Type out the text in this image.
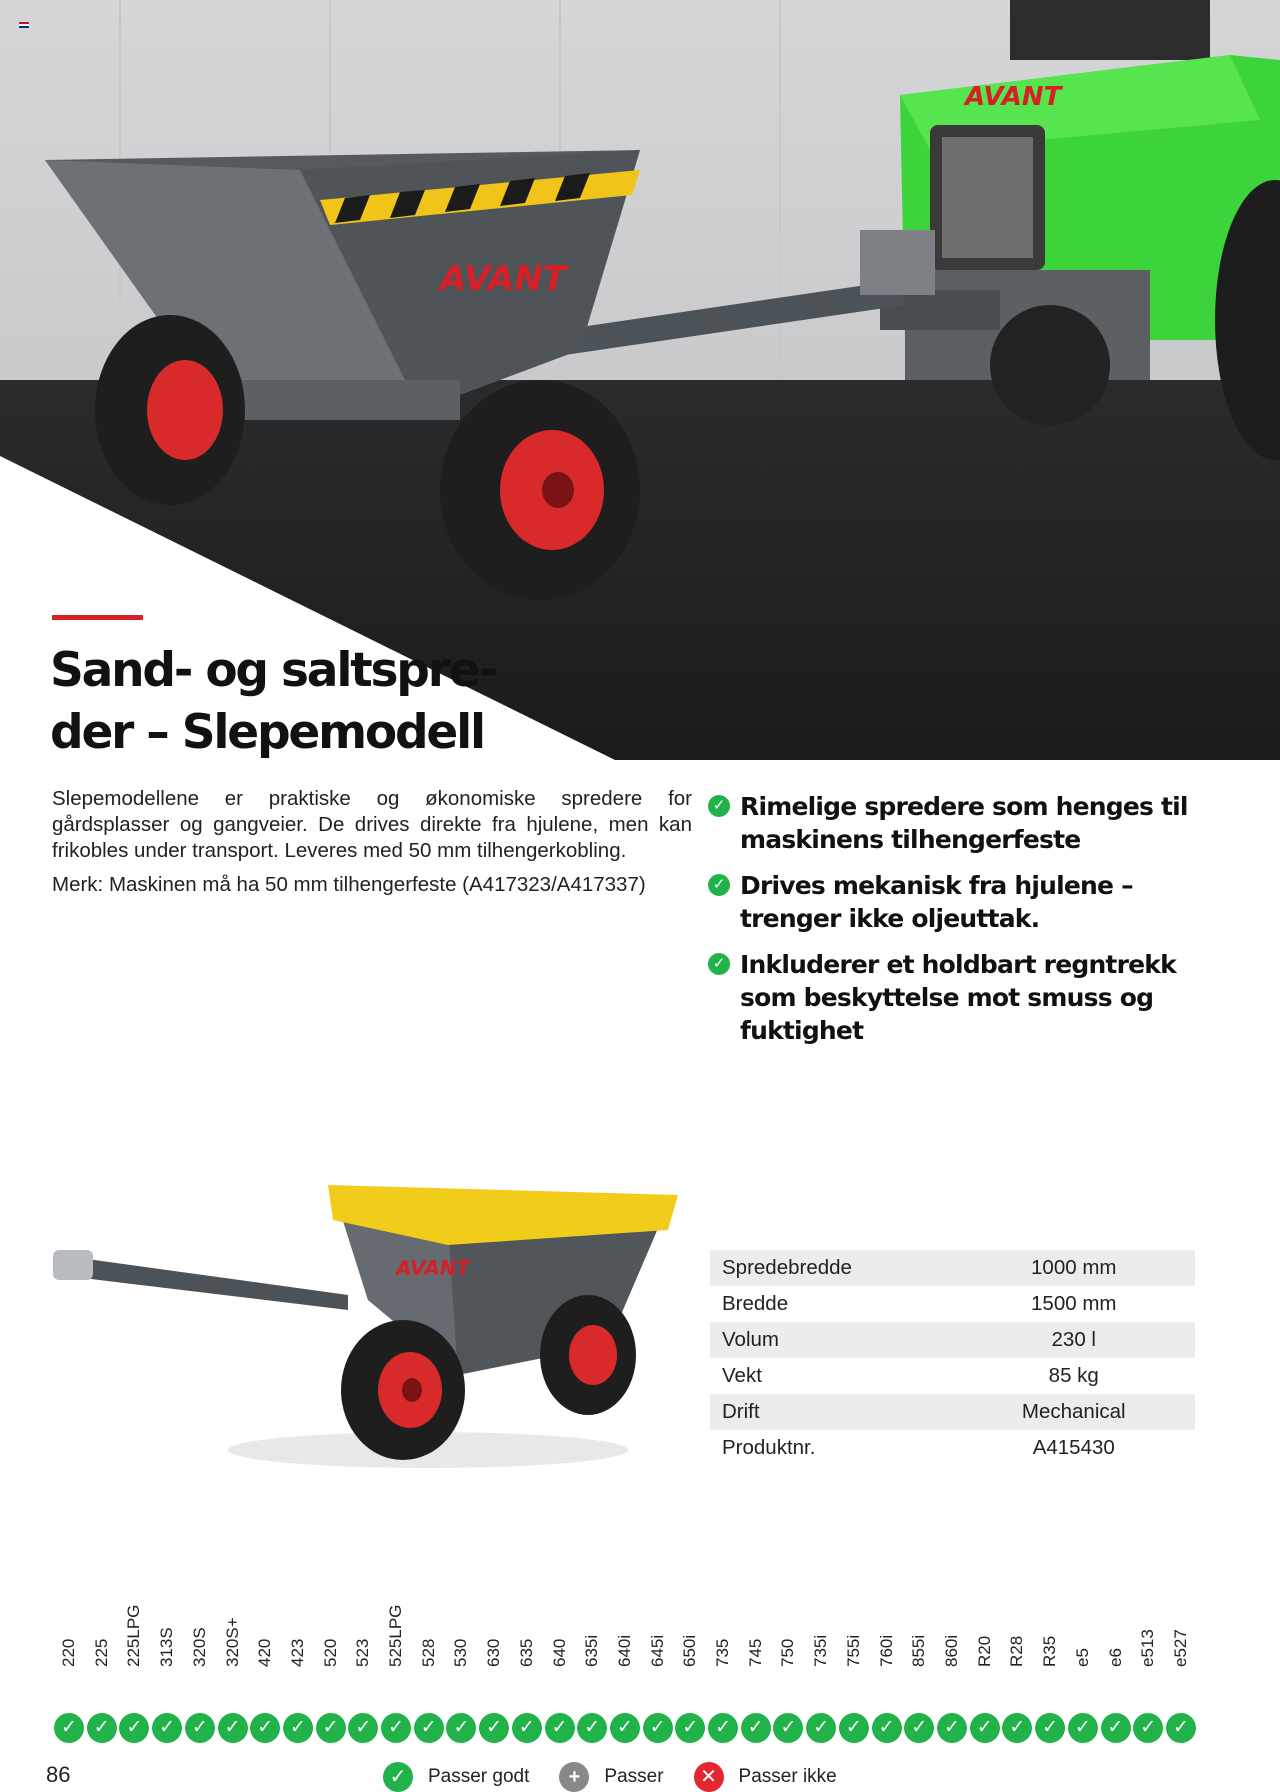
AVANT
AVANT
Sand- og saltspre-
der – Slepemodell

Slepemodellene er praktiske og økonomiske spredere for gårdsplasser og gangveier. De drives direkte fra hjulene, men kan frikobles under transport. Leveres med 50 mm tilhengerkobling.

Merk: Maskinen må ha 50 mm tilhengerfeste (A417323/A417337)

✓ Rimelige spredere som henges til maskinens tilhengerfeste
✓ Drives mekanisk fra hjulene – trenger ikke oljeuttak.
✓ Inkluderer et holdbart regntrekk som beskyttelse mot smuss og fuktighet
AVANT	Spredebredde	1000 mm
Bredde	1500 mm
Volum	230 l
Vekt	85 kg
Drift	Mechanical
Produktnr.	A415430
220 225 225LPG 313S 320S 320S+ 420 423 520 523 525LPG 528 530 630 635 640 635i 640i 645i 650i 735 745 750 735i 755i 760i 855i 860i R20 R28 R35 e5 e6 e513 e527
✓ ✓ ✓ ✓ ✓ ✓ ✓ ✓ ✓ ✓ ✓ ✓ ✓ ✓ ✓ ✓ ✓ ✓ ✓ ✓ ✓ ✓ ✓ ✓ ✓ ✓ ✓ ✓ ✓ ✓ ✓ ✓ ✓ ✓ ✓
86	✓	Passer godt	+	Passer	✕	Passer ikke
